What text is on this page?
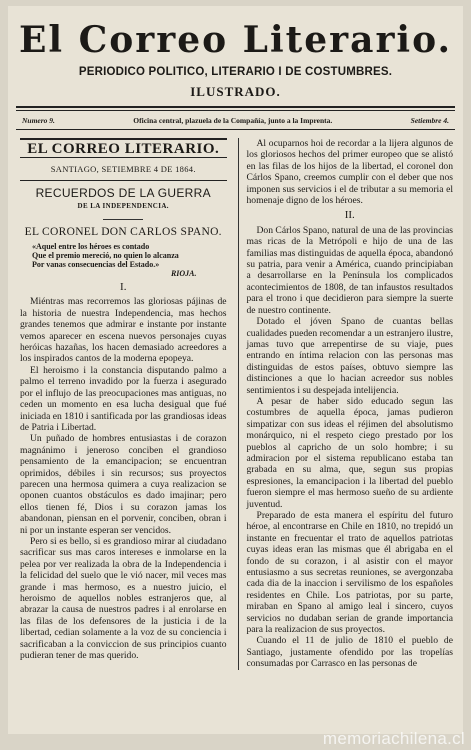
El Correo Literario.
PERIODICO POLITICO, LITERARIO I DE COSTUMBRES.
ILUSTRADO.
Numero 9.	Oficina central, plazuela de la Compañía, junto a la Imprenta.	Setiembre 4.
EL CORREO LITERARIO.
SANTIAGO, SETIEMBRE 4 DE 1864.
RECUERDOS DE LA GUERRA
DE LA INDEPENDENCIA.
EL CORONEL DON CARLOS SPANO.
«Aquel entre los héroes es contado
Que el premio mereció, no quien lo alcanza
Por vanas consecuencias del Estado.»
RIOJA.
I.

Miéntras mas recorremos las gloriosas pájinas de la historia de nuestra Independencia, mas hechos grandes tenemos que admirar e instante por instante vemos aparecer en escena nuevos personajes cuyas heróicas hazañas, los hacen demasiado acreedores a los inspirados cantos de la moderna epopeya.

El heroismo i la constancia disputando palmo a palmo el terreno invadido por la fuerza i asegurado por el influjo de las preocupaciones mas antiguas, no ceden un momento en esa lucha desigual que fué iniciada en 1810 i santificada por las grandiosas ideas de Patria i Libertad.

Un puñado de hombres entusiastas i de corazon magnánimo i jeneroso conciben el grandioso pensamiento de la emancipacion; se encuentran oprimidos, débiles i sin recursos; sus proyectos parecen una hermosa quimera a cuya realizacion se oponen cuantos obstáculos es dado imajinar; pero ellos tienen fé, Dios i su corazon jamas los abandonan, piensan en el porvenir, conciben, obran i ni por un instante esperan ser vencidos.

Pero si es bello, si es grandioso mirar al ciudadano sacrificar sus mas caros intereses e inmolarse en la pelea por ver realizada la obra de la Independencia i la felicidad del suelo que le vió nacer, mil veces mas grande i mas hermoso, es a nuestro juicio, el heroismo de aquellos nobles estranjeros que, al abrazar la causa de nuestros padres i al enrolarse en las filas de los defensores de la justicia i de la libertad, cedian solamente a la voz de su conciencia i sacrificaban a la conviccion de sus principios cuanto pudieran tener de mas querido.

Al ocuparnos hoi de recordar a la lijera algunos de los gloriosos hechos del primer europeo que se alistó en las filas de los hijos de la libertad, el coronel don Cárlos Spano, creemos cumplir con el deber que nos imponen sus servicios i el de tributar a su memoria el homenaje digno de los héroes.

II.

Don Cárlos Spano, natural de una de las provincias mas ricas de la Metrópoli e hijo de una de las familias mas distinguidas de aquella época, abandonó su patria, para venir a América, cuando principiaban a desarrollarse en la Península los complicados acontecimientos de 1808, de tan infaustos resultados para el trono i que decidieron para siempre la suerte de nuestro continente.

Dotado el jóven Spano de cuantas bellas cualidades pueden recomendar a un estranjero ilustre, jamas tuvo que arrepentirse de su viaje, pues entrando en íntima relacion con las personas mas distinguidas de estos países, obtuvo siempre las distinciones a que lo hacian acreedor sus nobles sentimientos i su despejada intelijencia.

A pesar de haber sido educado segun las costumbres de aquella época, jamas pudieron simpatizar con sus ideas el réjimen del absolutismo monárquico, ni el respeto ciego prestado por los pueblos al capricho de un solo hombre; i su admiracion por el sistema republicano estaba tan grabada en su alma, que, segun sus propias espresiones, la emancipacion i la libertad del pueblo fueron siempre el mas hermoso sueño de su ardiente juventud.

Preparado de esta manera el espíritu del futuro héroe, al encontrarse en Chile en 1810, no trepidó un instante en frecuentar el trato de aquellos patriotas cuyas ideas eran las mismas que él abrigaba en el fondo de su corazon, i al asistir con el mayor entusiasmo a sus secretas reuniones, se avergonzaba cada dia de la inaccion i servilismo de los españoles residentes en Chile. Los patriotas, por su parte, miraban en Spano al amigo leal i sincero, cuyos servicios no dudaban serian de grande importancia para la realizacion de sus proyectos.

Cuando el 11 de julio de 1810 el pueblo de Santiago, justamente ofendido por las tropelías consumadas por Carrasco en las personas de

memoriachilena.cl
